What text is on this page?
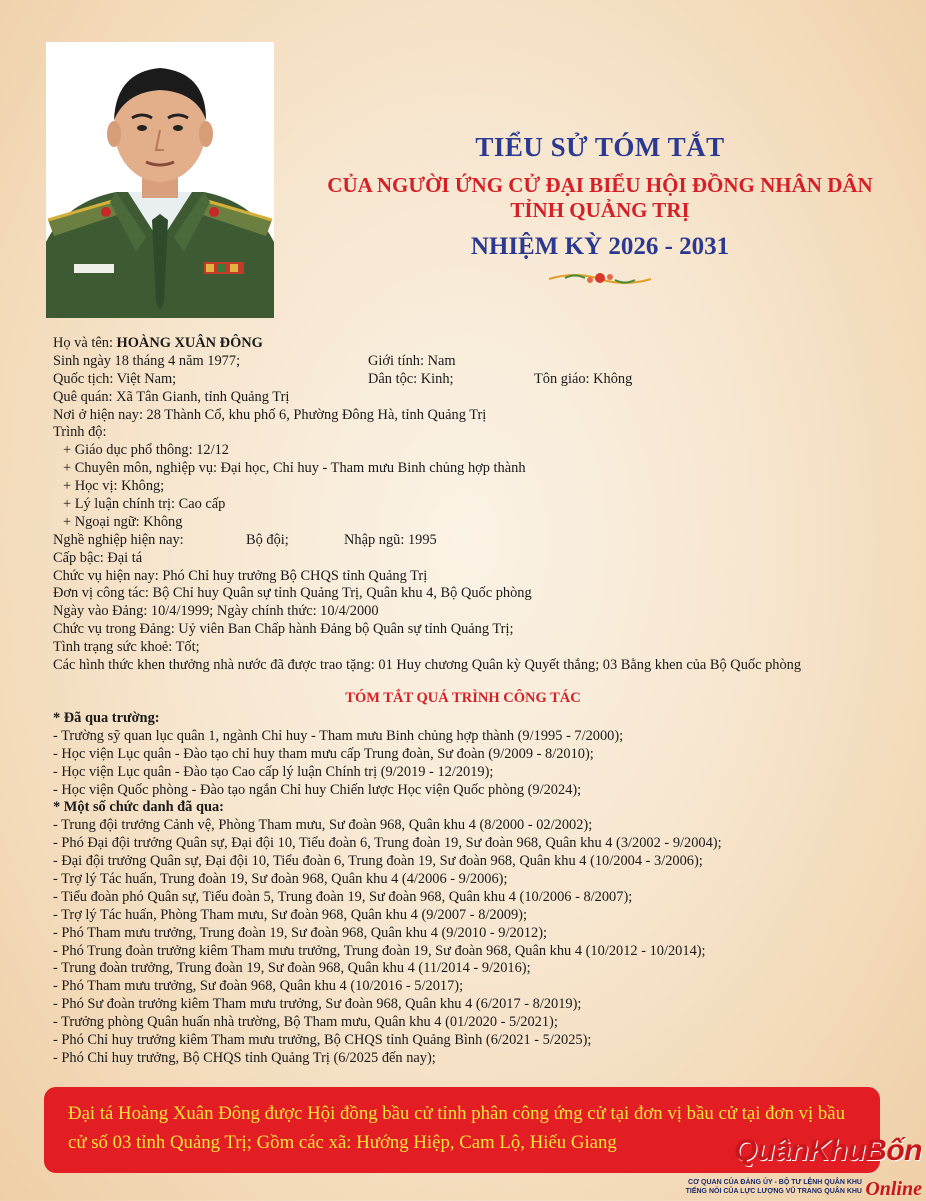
TIỂU SỬ TÓM TẮT
CỦA NGƯỜI ỨNG CỬ ĐẠI BIỂU HỘI ĐỒNG NHÂN DÂN TỈNH QUẢNG TRỊ
NHIỆM KỲ 2026 - 2031
Họ và tên: HOÀNG XUÂN ĐÔNG
Sinh ngày 18 tháng 4 năm 1977;	Giới tính: Nam
Quốc tịch: Việt Nam;	Dân tộc: Kinh;	Tôn giáo: Không
Quê quán: Xã Tân Gianh, tỉnh Quảng Trị
Nơi ở hiện nay: 28 Thành Cổ, khu phố 6, Phường Đông Hà, tỉnh Quảng Trị
Trình độ:
+ Giáo dục phổ thông: 12/12
+ Chuyên môn, nghiệp vụ: Đại học, Chỉ huy - Tham mưu Binh chủng hợp thành
+ Học vị: Không;
+ Lý luận chính trị: Cao cấp
+ Ngoại ngữ: Không
Nghề nghiệp hiện nay:	Bộ đội;	Nhập ngũ: 1995
Cấp bậc: Đại tá
Chức vụ hiện nay: Phó Chỉ huy trưởng Bộ CHQS tỉnh Quảng Trị
Đơn vị công tác: Bộ Chỉ huy Quân sự tỉnh Quảng Trị, Quân khu 4, Bộ Quốc phòng
Ngày vào Đảng: 10/4/1999; Ngày chính thức: 10/4/2000
Chức vụ trong Đảng: Uỷ viên Ban Chấp hành Đảng bộ Quân sự tỉnh Quảng Trị;
Tình trạng sức khoẻ: Tốt;
Các hình thức khen thưởng nhà nước đã được trao tặng: 01 Huy chương Quân kỳ Quyết thắng; 03 Bằng khen của Bộ Quốc phòng
TÓM TẮT QUÁ TRÌNH CÔNG TÁC
* Đã qua trường:
- Trường sỹ quan lục quân 1, ngành Chỉ huy - Tham mưu Binh chủng hợp thành (9/1995 - 7/2000);
- Học viện Lục quân - Đào tạo chỉ huy tham mưu cấp Trung đoàn, Sư đoàn (9/2009 - 8/2010);
- Học viện Lục quân - Đào tạo Cao cấp lý luận Chính trị (9/2019 - 12/2019);
- Học viện Quốc phòng - Đào tạo ngắn Chỉ huy Chiến lược Học viện Quốc phòng (9/2024);
* Một số chức danh đã qua:
- Trung đội trưởng Cảnh vệ, Phòng Tham mưu, Sư đoàn 968, Quân khu 4 (8/2000 - 02/2002);
- Phó Đại đội trưởng Quân sự, Đại đội 10, Tiểu đoàn 6, Trung đoàn 19, Sư đoàn 968, Quân khu 4 (3/2002 - 9/2004);
- Đại đội trưởng Quân sự, Đại đội 10, Tiểu đoàn 6, Trung đoàn 19, Sư đoàn 968, Quân khu 4 (10/2004 - 3/2006);
- Trợ lý Tác huấn, Trung đoàn 19, Sư đoàn 968, Quân khu 4 (4/2006 - 9/2006);
- Tiểu đoàn phó Quân sự, Tiểu đoàn 5, Trung đoàn 19, Sư đoàn 968, Quân khu 4 (10/2006 - 8/2007);
- Trợ lý Tác huấn, Phòng Tham mưu, Sư đoàn 968, Quân khu 4 (9/2007 - 8/2009);
- Phó Tham mưu trưởng, Trung đoàn 19, Sư đoàn 968, Quân khu 4 (9/2010 - 9/2012);
- Phó Trung đoàn trưởng kiêm Tham mưu trưởng, Trung đoàn 19, Sư đoàn 968, Quân khu 4 (10/2012 - 10/2014);
- Trung đoàn trưởng, Trung đoàn 19, Sư đoàn 968, Quân khu 4 (11/2014 - 9/2016);
- Phó Tham mưu trưởng, Sư đoàn 968, Quân khu 4 (10/2016 - 5/2017);
- Phó Sư đoàn trưởng kiêm Tham mưu trưởng, Sư đoàn 968, Quân khu 4 (6/2017 - 8/2019);
- Trưởng phòng Quân huấn nhà trường, Bộ Tham mưu, Quân khu 4 (01/2020 - 5/2021);
- Phó Chỉ huy trưởng kiêm Tham mưu trưởng, Bộ CHQS tỉnh Quảng Bình (6/2021 - 5/2025);
- Phó Chỉ huy trưởng, Bộ CHQS tỉnh Quảng Trị (6/2025 đến nay);
Đại tá Hoàng Xuân Đông được Hội đồng bầu cử tỉnh phân công ứng cử tại đơn vị bầu cử tại đơn vị bầu cử số 03 tỉnh Quảng Trị; Gồm các xã: Hướng Hiệp, Cam Lộ, Hiếu Giang	QuânKhuBốn
CƠ QUAN CỦA ĐẢNG ỦY - BỘ TƯ LỆNH QUÂN KHU
TIẾNG NÓI CỦA LỰC LƯỢNG VŨ TRANG QUÂN KHU Online
